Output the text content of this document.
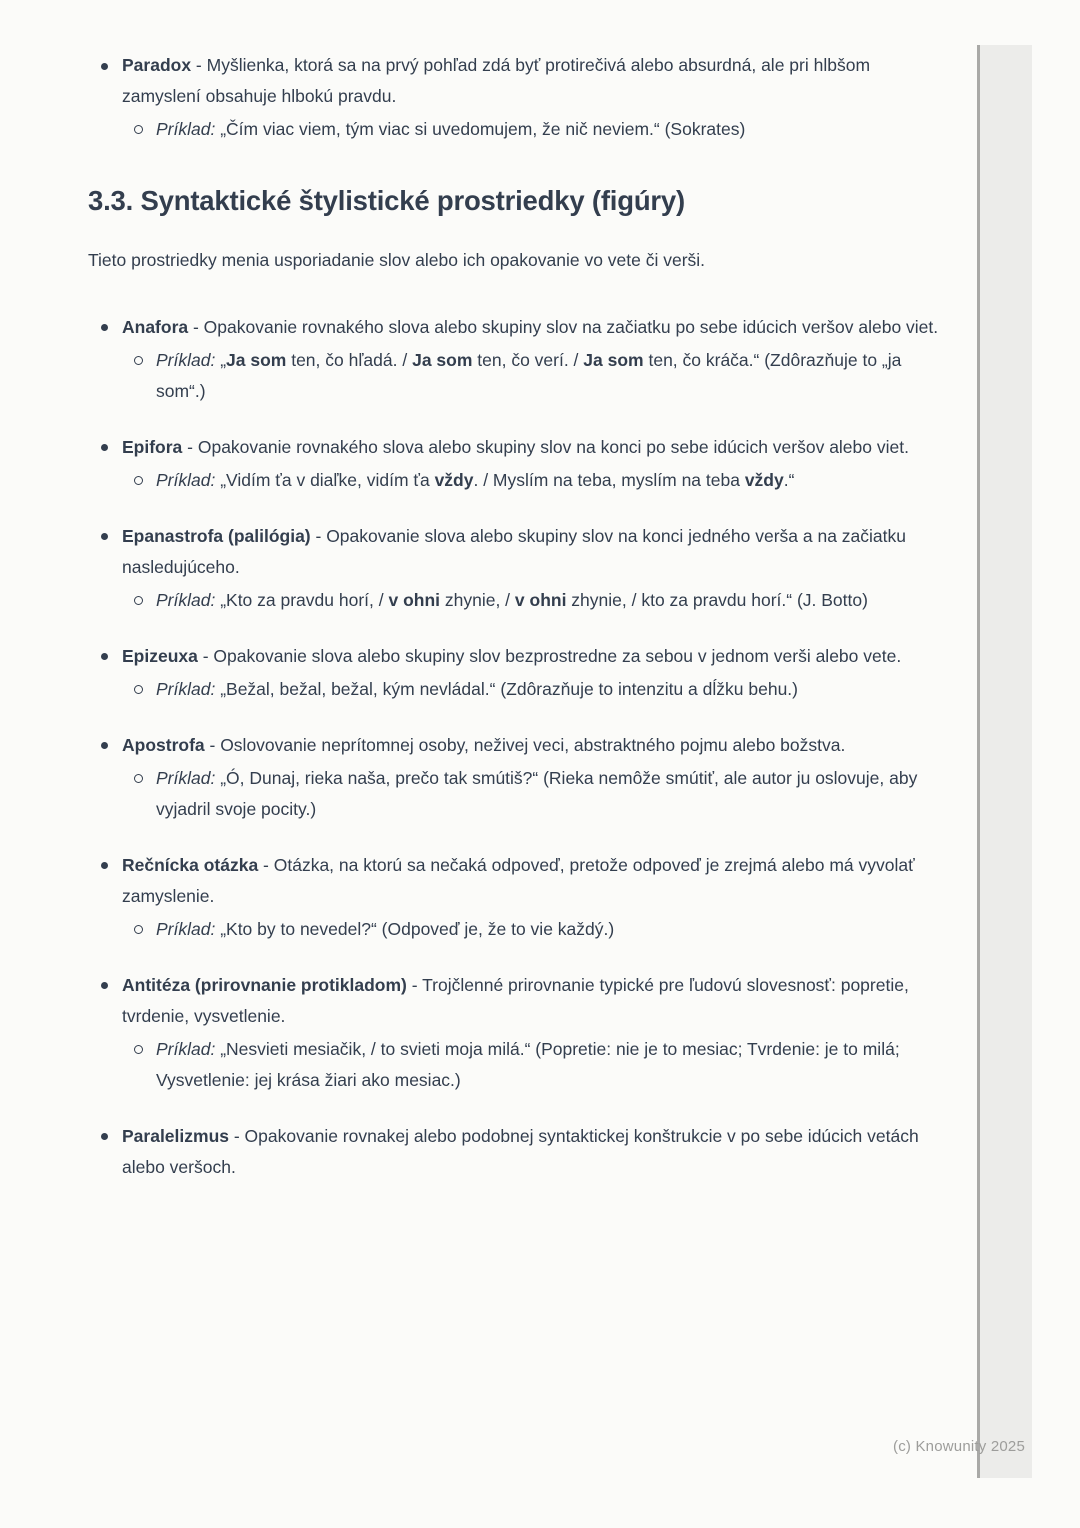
(c) Knowunity 2025

Paradox - Myšlienka, ktorá sa na prvý pohľad zdá byť protirečivá alebo absurdná, ale pri hlbšom zamyslení obsahuje hlbokú pravdu.

Príklad: „Čím viac viem, tým viac si uvedomujem, že nič neviem.“ (Sokrates)

3.3. Syntaktické štylistické prostriedky (figúry)

Tieto prostriedky menia usporiadanie slov alebo ich opakovanie vo vete či verši.

Anafora - Opakovanie rovnakého slova alebo skupiny slov na začiatku po sebe idúcich veršov alebo viet.

Príklad: „Ja som ten, čo hľadá. / Ja som ten, čo verí. / Ja som ten, čo kráča.“ (Zdôrazňuje to „ja som“.)

Epifora - Opakovanie rovnakého slova alebo skupiny slov na konci po sebe idúcich veršov alebo viet.

Príklad: „Vidím ťa v diaľke, vidím ťa vždy. / Myslím na teba, myslím na teba vždy.“

Epanastrofa (palilógia) - Opakovanie slova alebo skupiny slov na konci jedného verša a na začiatku nasledujúceho.

Príklad: „Kto za pravdu horí, / v ohni zhynie, / v ohni zhynie, / kto za pravdu horí.“ (J. Botto)

Epizeuxa - Opakovanie slova alebo skupiny slov bezprostredne za sebou v jednom verši alebo vete.

Príklad: „Bežal, bežal, bežal, kým nevládal.“ (Zdôrazňuje to intenzitu a dĺžku behu.)

Apostrofa - Oslovovanie neprítomnej osoby, neživej veci, abstraktného pojmu alebo božstva.

Príklad: „Ó, Dunaj, rieka naša, prečo tak smútiš?“ (Rieka nemôže smútiť, ale autor ju oslovuje, aby vyjadril svoje pocity.)

Rečnícka otázka - Otázka, na ktorú sa nečaká odpoveď, pretože odpoveď je zrejmá alebo má vyvolať zamyslenie.

Príklad: „Kto by to nevedel?“ (Odpoveď je, že to vie každý.)

Antitéza (prirovnanie protikladom) - Trojčlenné prirovnanie typické pre ľudovú slovesnosť: popretie, tvrdenie, vysvetlenie.

Príklad: „Nesvieti mesiačik, / to svieti moja milá.“ (Popretie: nie je to mesiac; Tvrdenie: je to milá; Vysvetlenie: jej krása žiari ako mesiac.)

Paralelizmus - Opakovanie rovnakej alebo podobnej syntaktickej konštrukcie v po sebe idúcich vetách alebo veršoch.
